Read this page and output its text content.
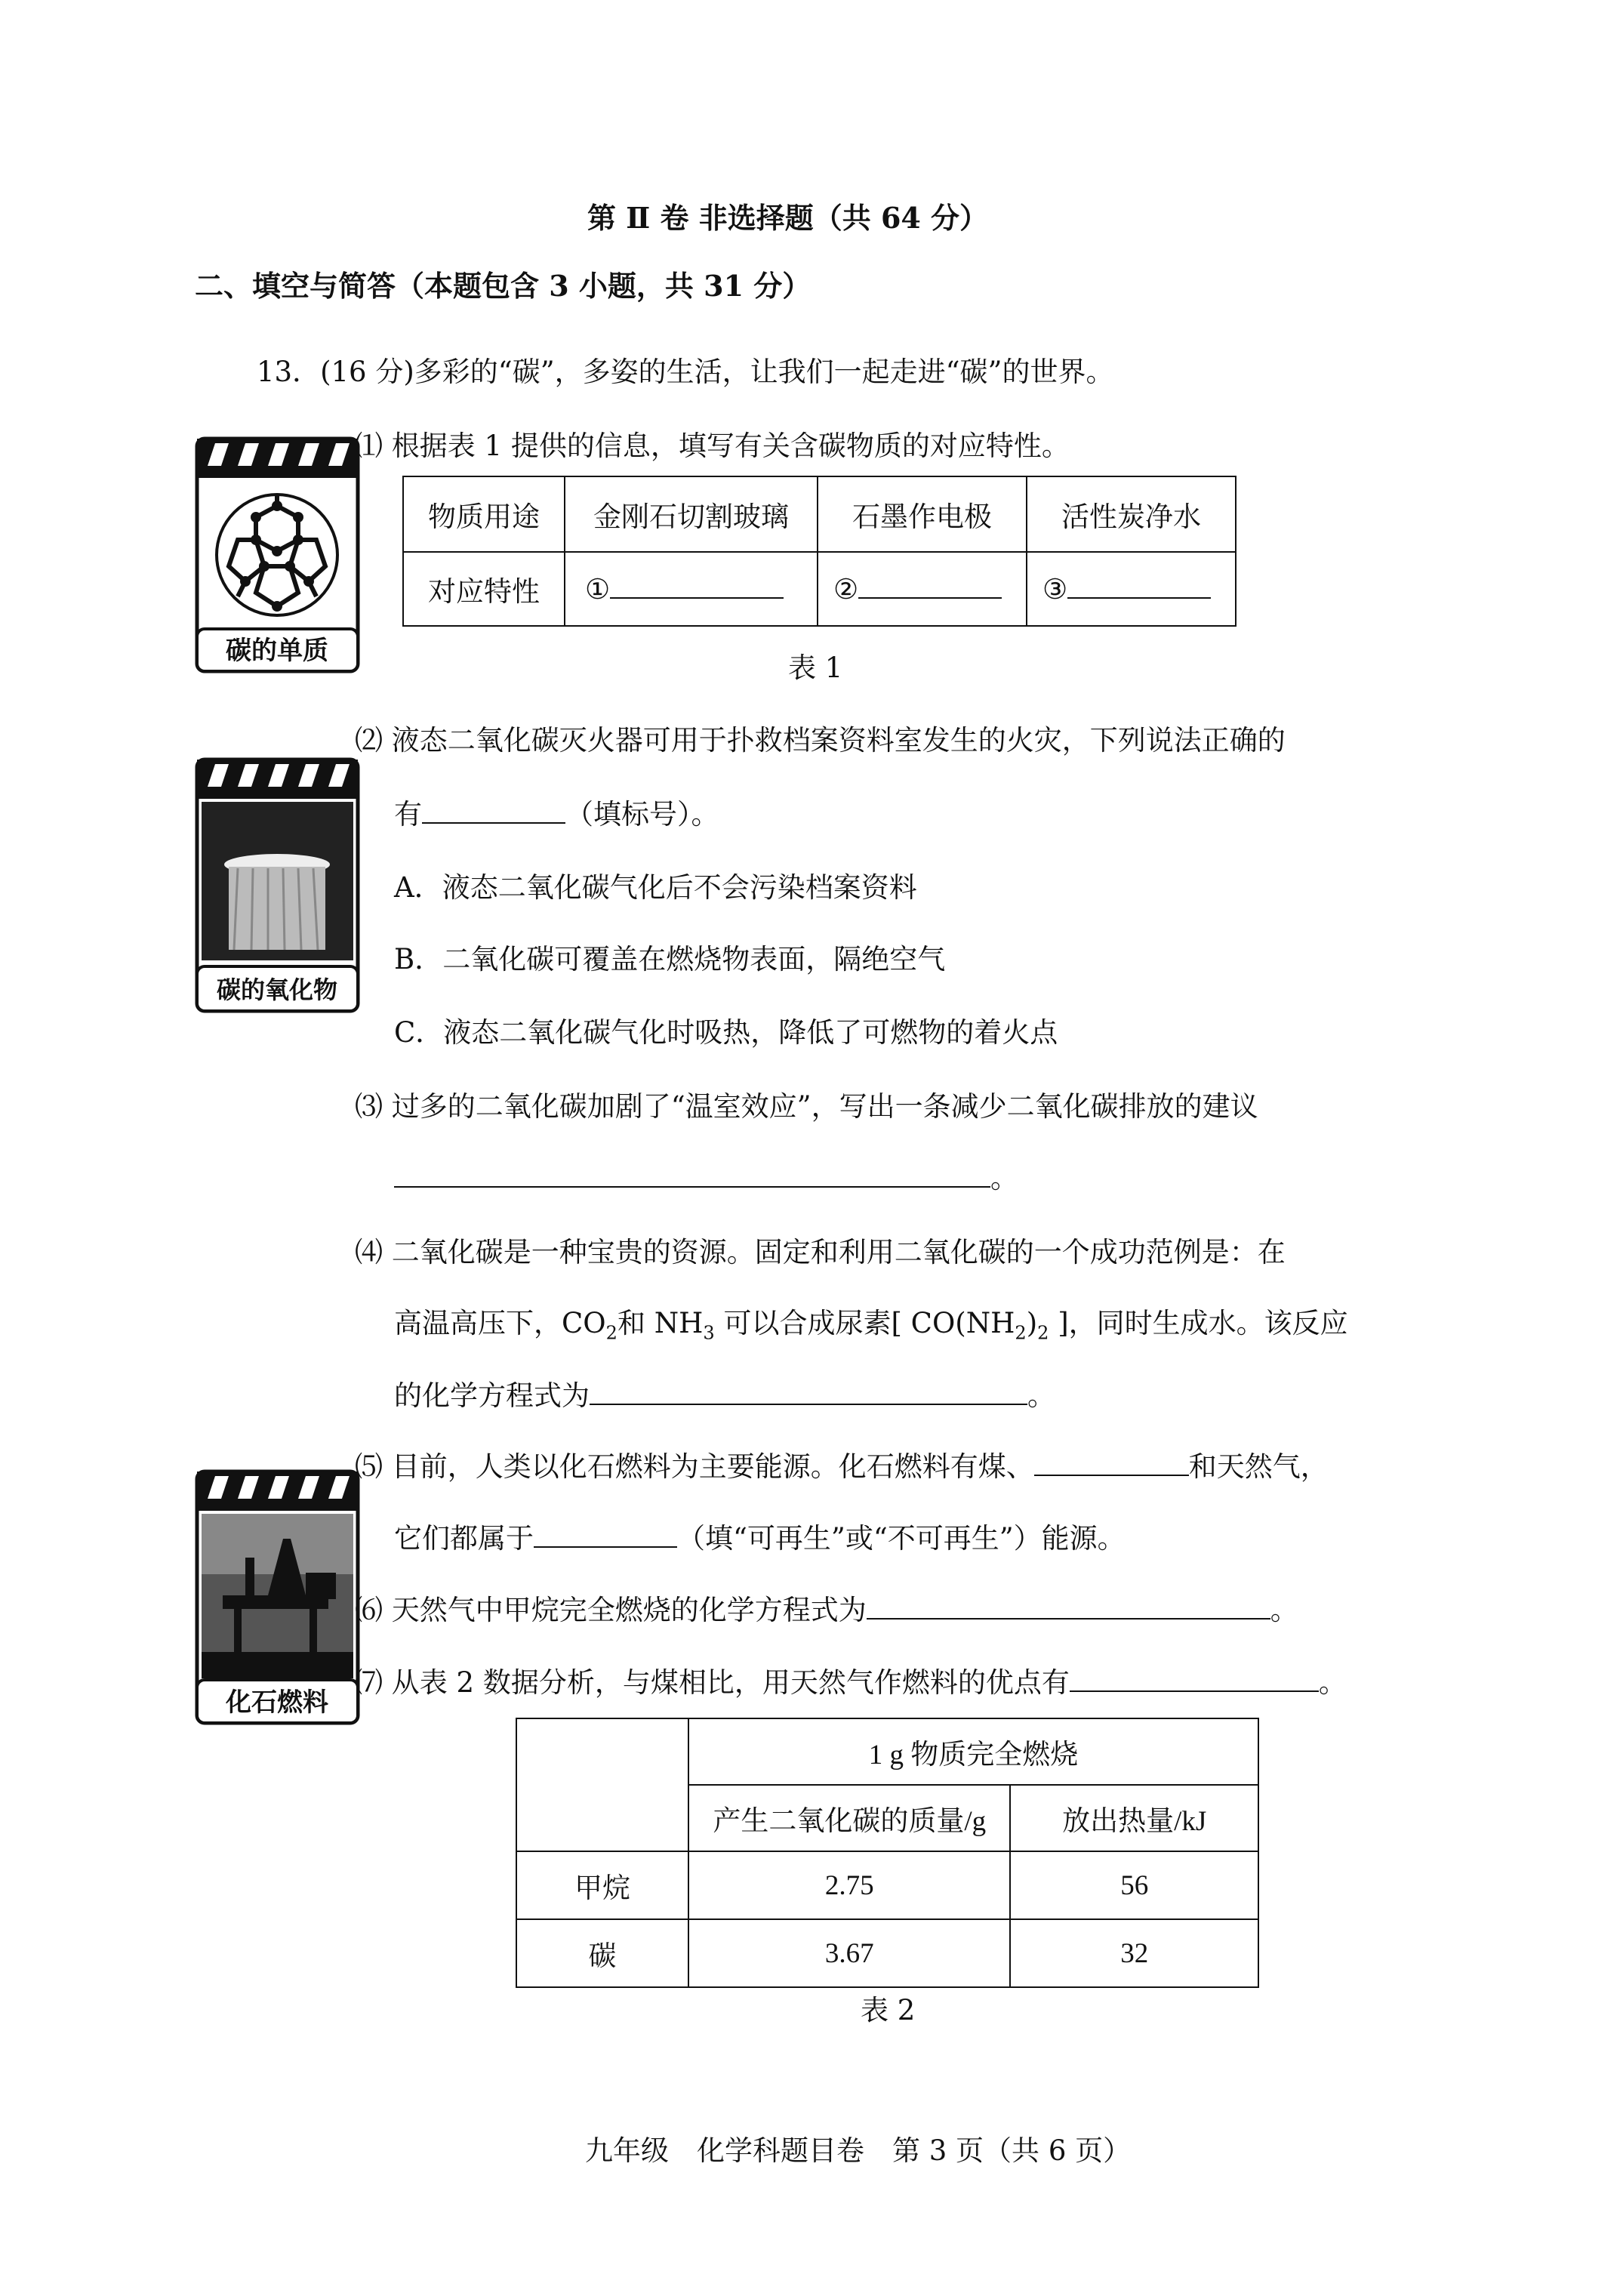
第 Ⅱ 卷 非选择题（共 64 分）
二、填空与简答（本题包含 3 小题，共 31 分）
13．(16 分)多彩的“碳”，多姿的生活，让我们一起走进“碳”的世界。
碳的单质
⑴ 根据表 1 提供的信息，填写有关含碳物质的对应特性。
物质用途	金刚石切割玻璃	石墨作电极	活性炭净水
对应特性	①	②	③
表 1
碳的氧化物
⑵ 液态二氧化碳灭火器可用于扑救档案资料室发生的火灾，下列说法正确的
有	（填标号）。
A．液态二氧化碳气化后不会污染档案资料
B．二氧化碳可覆盖在燃烧物表面，隔绝空气
C．液态二氧化碳气化时吸热，降低了可燃物的着火点
⑶ 过多的二氧化碳加剧了“温室效应”，写出一条减少二氧化碳排放的建议
。
⑷ 二氧化碳是一种宝贵的资源。固定和利用二氧化碳的一个成功范例是：在
高温高压下，$CO_2$和 $NH_3$ 可以合成尿素[ $CO(NH_2)_2$ ]，同时生成水。该反应
的化学方程式为	。
化石燃料
⑸ 目前，人类以化石燃料为主要能源。化石燃料有煤、	和天然气，
它们都属于	（填“可再生”或“不可再生”）能源。
⑹ 天然气中甲烷完全燃烧的化学方程式为	。
⑺ 从表 2 数据分析，与煤相比，用天然气作燃料的优点有	。
	1 g 物质完全燃烧	
	产生二氧化碳的质量/g	放出热量/kJ
甲烷	2.75	56
碳	3.67	32
表 2
九年级　化学科题目卷　第 3 页（共 6 页）
